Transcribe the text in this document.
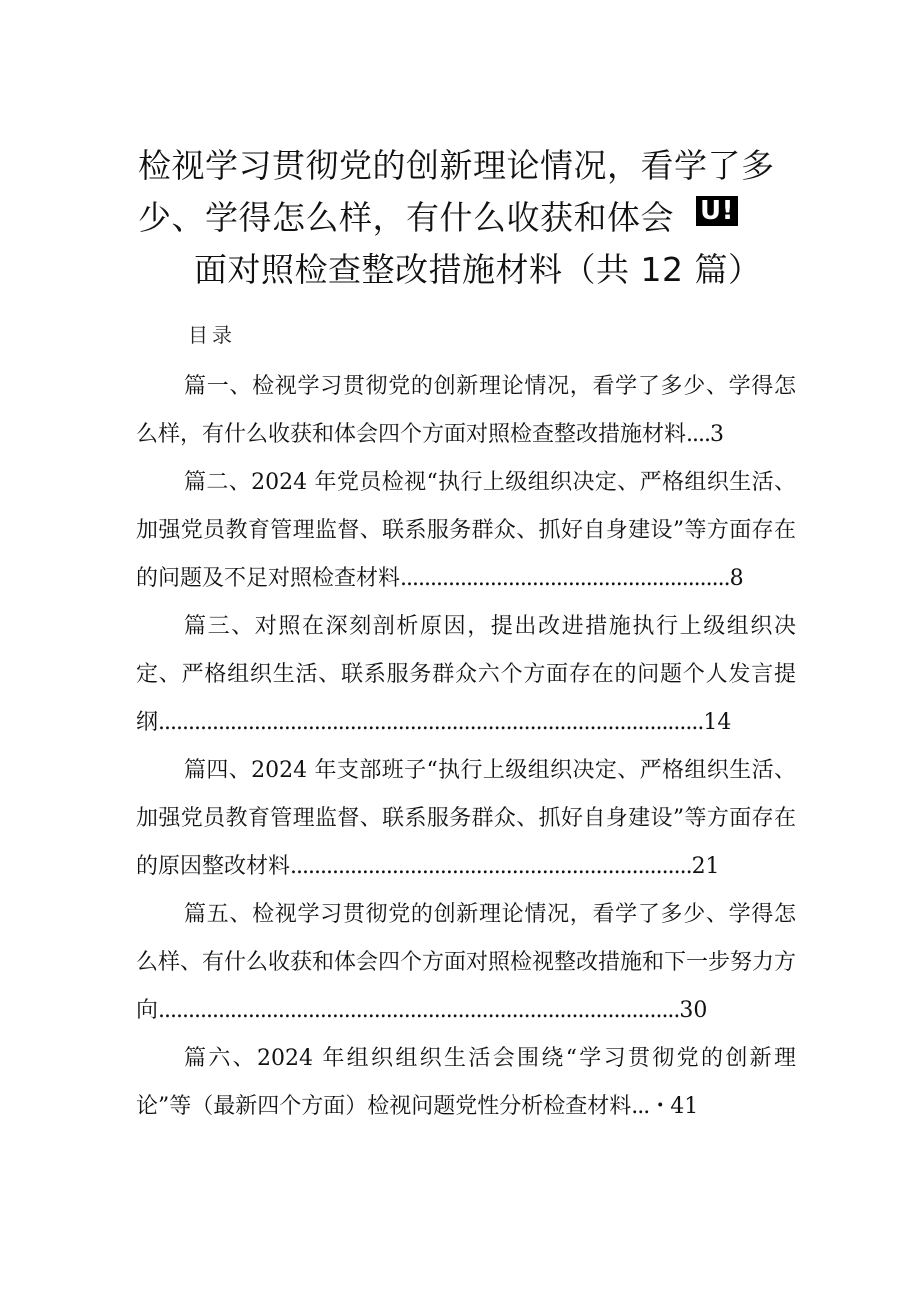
检视学习贯彻党的创新理论情况，看学了多
少、学得怎么样，有什么收获和体会 U!
面对照检查整改措施材料（共 12 篇）
目录

篇一、检视学习贯彻党的创新理论情况，看学了多少、学得怎么样，有什么收获和体会四个方面对照检查整改措施材料....3

篇二、2024 年党员检视“执行上级组织决定、严格组织生活、加强党员教育管理监督、联系服务群众、抓好自身建设”等方面存在的问题及不足对照检查材料.......................................................8

篇三、对照在深刻剖析原因，提出改进措施执行上级组织决定、严格组织生活、联系服务群众六个方面存在的问题个人发言提纲...........................................................................................14

篇四、2024 年支部班子“执行上级组织决定、严格组织生活、加强党员教育管理监督、联系服务群众、抓好自身建设”等方面存在的原因整改材料...................................................................21

篇五、检视学习贯彻党的创新理论情况，看学了多少、学得怎么样、有什么收获和体会四个方面对照检视整改措施和下一步努力方向.......................................................................................30

篇六、2024 年组织组织生活会围绕“学习贯彻党的创新理论”等（最新四个方面）检视问题党性分析检查材料...・41
